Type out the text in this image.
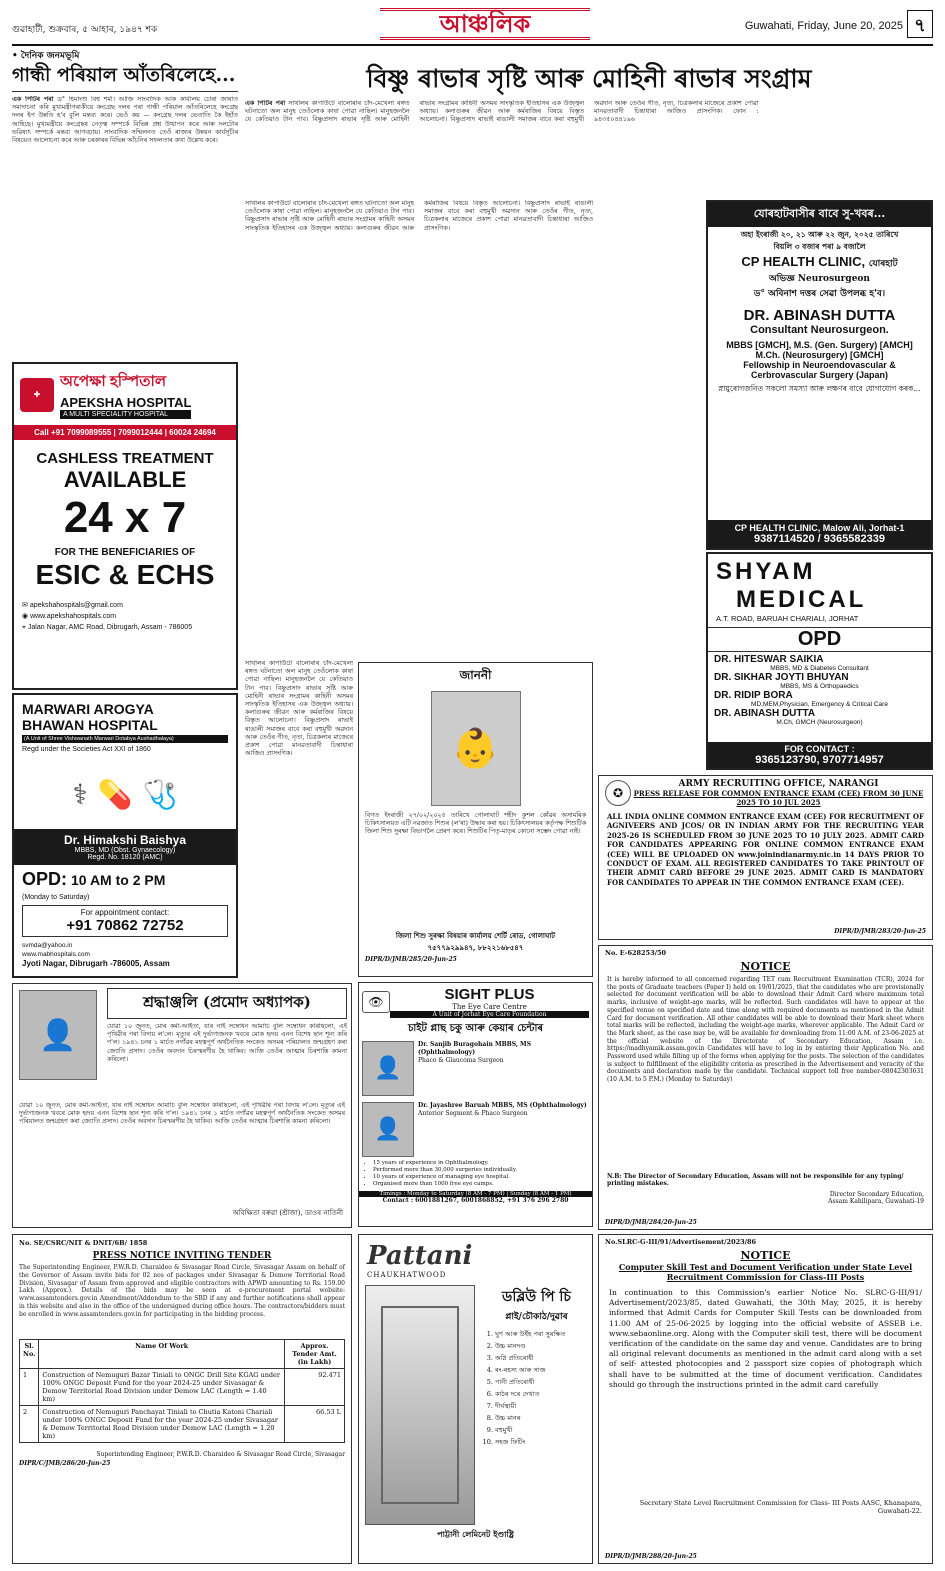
গুৱাহাটী, শুক্ৰবাৰ, ৫ আহাৰ, ১৯৪৭ শক	আঞ্চলিক	Guwahati, Friday, June 20, 2025 ৭
• দৈনিক জনমভূমি
গান্ধী পৰিয়াল আঁতৰিলেহে...
এক পিটিৰ পৰা ড° হিমাংশু বিশ্ব শৰ্মা। আজি সাংবাদিক আক কাৰ্যালয় চোৰা জাৰাত সমাদাচনা কৰি মুখ্যমন্ত্ৰীগৰাকীয়ে কংগ্ৰেছ দলৰ পৰা গান্ধী পৰিয়াল আঁতৰিলেহে কংগ্ৰেছ দলৰ ইপ উন্নতি হ'ব বুলি মন্তব্য কৰে। ভেওঁ কয় — কংগ্ৰেছ দলৰ ভেতাতি কৈ ইহাঁত আহিছে। মুখ্যমন্ত্ৰীয়ে কংগ্ৰেছৰ নেতৃত্ব সম্পৰ্কে বিভিন্ন প্ৰশ্ন উত্থাপন কৰে আৰু দলটোৰ ভৱিষ্যৎ সম্পৰ্কে মন্তব্য আগবঢ়ায়। সাংবাদিক সন্মিলনত তেওঁ ৰাজ্যৰ উন্নয়ন কাৰ্যসূচীৰ বিষয়েও আলোচনা কৰে আৰু চৰকাৰৰ বিভিন্ন আঁচনিৰ সফলতাৰ কথা উল্লেখ কৰে।
বিষ্ণু ৰাভাৰ সৃষ্টি আৰু মোহিনী ৰাভাৰ সংগ্ৰাম
এক পিটিৰ পৰা সাথালৰ কাপাউটে বালোৰাৰ চাঁদ-মেখেলা ৰঙ্গত ঘটনাতো অল মানুহ তেওঁলোক কাষা পোৱা নাছিল। মানুহজনলৈ যে কেতিয়াও টান পাব। বিষ্ণুপ্ৰসাদ ৰাভাৰ সৃষ্টি আৰু মোহিনী ৰাভাৰ সংগ্ৰামৰ কাহিনী অসমৰ সাংস্কৃতিক ইতিহাসৰ এক উজ্জ্বল অধ্যায়। কলাগুৰুৰ জীৱন আৰু কৰ্মৰাজিৰ বিষয়ে বিস্তৃত আলোচনা। বিষ্ণুপ্ৰসাদ ৰাভাই ৰাঙালী সমাজৰ বাবে কৰা বহুমুখী অৱদান আৰু তেওঁৰ গীত, নৃত্য, চিত্ৰকলাৰ মাজেৰে প্ৰকাশ পোৱা মানৱতাবাদী চিন্তাধাৰা আজিও প্ৰাসংগিক। ফোন : ৯৪৩৫০৪৪১৯৬
সাথালৰ কাপাউটে বালোৰাৰ চাঁদ-মেখেলা ৰঙ্গত ঘটনাতো অল মানুহ তেওঁলোক কাষা পোৱা নাছিল। মানুহজনলৈ যে কেতিয়াও টান পাব। বিষ্ণুপ্ৰসাদ ৰাভাৰ সৃষ্টি আৰু মোহিনী ৰাভাৰ সংগ্ৰামৰ কাহিনী অসমৰ সাংস্কৃতিক ইতিহাসৰ এক উজ্জ্বল অধ্যায়। কলাগুৰুৰ জীৱন আৰু কৰ্মৰাজিৰ বিষয়ে বিস্তৃত আলোচনা। বিষ্ণুপ্ৰসাদ ৰাভাই ৰাঙালী সমাজৰ বাবে কৰা বহুমুখী অৱদান আৰু তেওঁৰ গীত, নৃত্য, চিত্ৰকলাৰ মাজেৰে প্ৰকাশ পোৱা মানৱতাবাদী চিন্তাধাৰা আজিও প্ৰাসংগিক।
সাথালৰ কাপাউটে বালোৰাৰ চাঁদ-মেখেলা ৰঙ্গত ঘটনাতো অল মানুহ তেওঁলোক কাষা পোৱা নাছিল। মানুহজনলৈ যে কেতিয়াও টান পাব। বিষ্ণুপ্ৰসাদ ৰাভাৰ সৃষ্টি আৰু মোহিনী ৰাভাৰ সংগ্ৰামৰ কাহিনী অসমৰ সাংস্কৃতিক ইতিহাসৰ এক উজ্জ্বল অধ্যায়। কলাগুৰুৰ জীৱন আৰু কৰ্মৰাজিৰ বিষয়ে বিস্তৃত আলোচনা। বিষ্ণুপ্ৰসাদ ৰাভাই ৰাঙালী সমাজৰ বাবে কৰা বহুমুখী অৱদান আৰু তেওঁৰ গীত, নৃত্য, চিত্ৰকলাৰ মাজেৰে প্ৰকাশ পোৱা মানৱতাবাদী চিন্তাধাৰা আজিও প্ৰাসংগিক।
✚
অপেক্ষা হস্পিতাল
APEKSHA HOSPITAL
A MULTI SPECIALITY HOSPITAL
Call +91 7099089555 | 7099012444 | 60024 24694
CASHLESS TREATMENT
AVAILABLE
24 x 7
FOR THE BENEFICIARIES OF
ESIC & ECHS
✉ apekshahospitals@gmail.com
◉ www.apekshahospitals.com
⌖ Jalan Nagar, AMC Road, Dibrugarh, Assam - 786005
MARWARI AROGYA
BHAWAN HOSPITAL
(A Unit of Shree Vishwanath Marwari Dotabya Aushadhalaya)
Regd under the Societies Act XXI of 1860
⚕ 💊 🩺
Dr. Himakshi Baishya
MBBS, MD (Obst. Gynaecology)
Regd. No. 18120 (AMC)
OPD: 10 AM to 2 PM
(Monday to Saturday)
For appointment contact:
+91 70862 72752
svmda@yahoo.in
www.mabhospitals.com
Jyoti Nagar, Dibrugarh -786005, Assam
👤
শ্ৰদ্ধাঞ্জলি (প্ৰমোদ অধ্যাপক)
যোৱা ১০ জুনত, মোৰ কৰ্মা-আইতা, যাৰ নাই সম্বোধন আমাচি বুলি সম্বোধন কৰিছিলো, এই পৃথিৱীৰ পৰা বিদায় ল'লে। মৃত্যুৰ এই দুৰ্ভাগ্যজনক খবৰে মোক হৃদয় এনন বিশেষ ছান শূন্য কৰি গ'ল। ১৯৪১ চনৰ ১ মাৰ্চত নগাঁৱৰ মহত্বপূৰ্ণ অৰ্থনৈতিক সংকেত অসমৰ পৰিয়ালত জন্মগ্ৰহণ কৰা জ্যোতি প্ৰসাদ। তেওঁৰ অবদান চিৰস্মৰণীয় হৈ থাকিব। আজি তেওঁৰ আত্মাৰ চিৰশান্তি কামনা কৰিলো।
যোৱা ১০ জুনত, মোৰ কৰ্মা-আইতা, যাৰ নাই সম্বোধন আমাচি বুলি সম্বোধন কৰিছিলো, এই পৃথিৱীৰ পৰা বিদায় ল'লে। মৃত্যুৰ এই দুৰ্ভাগ্যজনক খবৰে মোক হৃদয় এনন বিশেষ ছান শূন্য কৰি গ'ল। ১৯৪১ চনৰ ১ মাৰ্চত নগাঁৱৰ মহত্বপূৰ্ণ অৰ্থনৈতিক সংকেত অসমৰ পৰিয়ালত জন্মগ্ৰহণ কৰা জ্যোতি প্ৰসাদ। তেওঁৰ অবদান চিৰস্মৰণীয় হৈ থাকিব। আজি তেওঁৰ আত্মাৰ চিৰশান্তি কামনা কৰিলো।
অবিক্ষিতা বৰুৱা (শ্ৰীজা), ডাওৰ নাতিনী
No. SE/CSRC/NIT & DNIT/6B/ 1858
PRESS NOTICE INVITING TENDER
The Superintending Engineer, P.W.R.D. Charaideo & Sivasagar Road Circle, Sivasagar Assam on behalf of the Governor of Assam invite bids for 02 nos of packages under Sivasagar & Demow Territorial Road Division, Sivasagar of Assam from approved and eligible contractors with APWD amounting to Rs. 159.00 Lakh (Approx.). Details of the bids may be seen at e-procurement portal website: www.assamtenders.gov.in Amendment/Addendum to the SBD if any and further notifications shall appear in this website and also in the office of the undersigned during office hours. The contractors/bidders must be enrolled in www.assamtenders.gov.in for participating in the bidding process.
Sl. No.	Name Of Work	Approx. Tender Amt. (in Lakh)
1	Construction of Nemuguri Bazar Tiniali to ONGC Drill Site KGAG under 100% ONGC Deposit Fund for the year 2024-25 under Sivasagar & Demow Territorial Road Division under Demow LAC (Length = 1.40 km)	92.471
2	Construction of Nemuguri Panchayat Tiniali to Chutia Katoni Chariali under 100% ONGC Deposit Fund for the year 2024-25 under Sivasagar & Demow Territorial Road Division under Demow LAC (Length = 1.20 km)	66.53 L
Superintending Engineer, P.W.R.D. Charaideo & Sivasagar Road Circle, Sivasagar
DIPR/C/JMB/286/20-Jun-25
জাননী
👶
বিগত ইংৰাজী ২৭/০২/২০২৫ তাৰিখে গোলাঘাট শহীদ কুশল কোঁৱৰ অসামৰিক চিকিৎসালয়ত এটি নৱজাত শিশুৰ (ল'ৰা) উদ্ধাৰ কৰা হয়। চিকিৎসালয়ৰ কৰ্তৃপক্ষ শিশুটিক জিলা শিশু সুৰক্ষা বিভাগলৈ প্ৰেৰণ কৰে। শিশুটিৰ পিতৃ-মাতৃৰ কোনো সম্ভেদ পোৱা নাই।
জিলা শিশু সুৰক্ষা বিষয়াৰ কাৰ্যালয় শেৰ্টি ৰোড, গোলাঘাট
৭৫৭৭৯২৯৯৪৭, ৮৮২২১৬৮৫৪৭
DIPR/D/JMB/285/20-Jun-25
👁	SIGHT PLUS
The Eye Care Centre
A Unit of Jorhat Eye Care Foundation
চাইট প্লাছ চকু আৰু কেয়াৰ চেন্টাৰ
👤
Dr. Sanjib Buragohain MBBS, MS (Ophthalmology)
Phaco & Glaucoma Surgeon
👤
Dr. Jayashree Baruah MBBS, MS (Ophthalmology)
Anterior Segment & Phaco Surgeon
• 15 years of experience in Ophthalmology.
• Performed more than 30,000 surgeries individually.
• 10 years of experience of managing eye hospital.
• Organised more than 1000 free eye camps.
Timings : Monday to Saturday (8 AM - 7 PM) | Sunday (8 AM - 1 PM)
Contact : 6001881267, 6001868852, +91 376 296 2780
Pattani
CHAUKHATWOOD
ডব্লিউ পি চি
প্লাই/চৌকাঠ/দুৱাৰ
1. ঘুণ আৰু উইঁহ পৰা সুৰক্ষিত
2. উচ্চ মানদণ্ড
3. অগ্নি প্ৰতিৰোধী
4. ৰং-ৰহস্য আৰু সাজ
5. পানী প্ৰতিৰোধী
6. কাঠৰ দৰে দেখাত
7. দীৰ্ঘস্থায়ী
8. উচ্চ মানৰ
9. বহুমুখী
10. সহজ ফিটিং
পাট্টানী লেমিনেট ইণ্ডাষ্ট্ৰি
যোৰহাটবাসীৰ বাবে সু-খবৰ...
অহা ইংৰাজী ২০, ২১ আৰু ২২ জুন, ২০২৫ তাৰিখে
বিয়লি ৩ বজাৰ পৰা ৯ বজালৈ
CP HEALTH CLINIC, যোৰহাট
অভিজ্ঞ Neurosurgeon
ড° অবিনাশ দত্তৰ সেৱা উপলব্ধ হ'ব।
DR. ABINASH DUTTA
Consultant Neurosurgeon.
MBBS [GMCH], M.S. (Gen. Surgery) [AMCH]
M.Ch. (Neurosurgery) [GMCH]
Fellowship in Neuroendovascular & Cerbrovascular Surgery (Japan)
স্নায়ুৰোগজনিত সকলো সমস্যা আৰু লক্ষণৰ বাবে যোগাযোগ কৰক...
CP HEALTH CLINIC, Malow Ali, Jorhat-1
9387114520 / 9365582339
SHYAM
MEDICAL
A.T. ROAD, BARUAH CHARIALI, JORHAT
OPD
DR. HITESWAR SAIKIA
MBBS, MD & Diabetes Consultant
DR. SIKHAR JOYTI BHUYAN
MBBS, MS & Orthopaedics
DR. RIDIP BORA
MD,MEM,Physician, Emergency & Critical Care
DR. ABINASH DUTTA
M.Ch, GMCH (Neurosurgeon)
FOR CONTACT :
9365123790, 9707714957
✪
ARMY RECRUITING OFFICE, NARANGI
PRESS RELEASE FOR COMMON ENTRANCE EXAM (CEE) FROM 30 JUNE 2025 TO 10 JUL 2025
ALL INDIA ONLINE COMMON ENTRANCE EXAM (CEE) FOR RECRUITMENT OF AGNIVEERS AND JCOS/ OR IN INDIAN ARMY FOR THE RECRUITING YEAR 2025-26 IS SCHEDULED FROM 30 JUNE 2025 TO 10 JULY 2025. ADMIT CARD FOR CANDIDATES APPEARING FOR ONLINE COMMON ENTRANCE EXAM (CEE) WILL BE UPLOADED ON www.joinindianarmy.nic.in 14 DAYS PRIOR TO CONDUCT OF EXAM. ALL REGISTERED CANDIDATES TO TAKE PRINTOUT OF THEIR ADMIT CARD BEFORE 29 JUNE 2025. ADMIT CARD IS MANDATORY FOR CANDIDATES TO APPEAR IN THE COMMON ENTRANCE EXAM (CEE).
DIPR/D/JMB/283/20-Jun-25
No. E-628253/50
NOTICE
It is hereby informed to all concerned regarding TET cum Recruitment Examination (TCR), 2024 for the posts of Graduate teachers (Paper I) held on 19/01/2025, that the candidates who are provisionally selected for document verification will be able to download their Admit Card where maximum total marks, inclusive of weight-age marks, will be reflected. Such candidates will have to appear at the specified venue on specified date and time along with required documents as mentioned in the Admit Card for document verification. All other candidates will be able to download their Mark sheet where total marks will be reflected, including the weight-age marks, wherever applicable. The Admit Card or the Mark sheet, as the case may be, will be available for downloading from 11:00 A.M. of 23-06-2025 at the official website of the Directorate of Secondary Education, Assam i.e. https://madhyamik.assam.gov.in Candidates will have to log in by entering their Application No. and Password used while filling up of the forms when applying for the posts. The selection of the candidates is subject to fulfillment of the eligibility criteria as prescribed in the Advertisement and veracity of the documents and declaration made by the candidate. Technical support toll free number-08042303631 (10 A.M. to 5 P.M.) (Monday to Saturday)
N.B: The Director of Secondary Education, Assam will not be responsible for any typing/ printing mistakes.
Director Secondary Education, Assam Kahilipara, Guwahati-19
DIPR/D/JMB/284/20-Jun-25
No.SLRC-G-III/91/Advertisement/2023/86
NOTICE
Computer Skill Test and Document Verification under State Level Recruitment Commission for Class-III Posts
In continuation to this Commission's earlier Notice No. SLRC-G-III/91/ Advertisement/2023/85, dated Guwahati, the 30th May, 2025, it is hereby informed that Admit Cards for Computer Skill Tests can be downloaded from 11.00 AM of 25-06-2025 by logging into the official website of ASSEB i.e. www.sebaonline.org. Along with the Computer skill test, there will be document verification of the candidate on the same day and venue. Candidates are to bring all original relevant documents as mentioned in the admit card along with a set of self- attested photocopies and 2 passport size copies of photograph which shall have to be submitted at the time of document verification. Candidates should go through the instructions printed in the admit card carefully
Secretary State Level Recruitment Commission for Class- III Posts AASC, Khanapara, Guwahati-22.
DIPR/D/JMB/288/20-Jun-25
